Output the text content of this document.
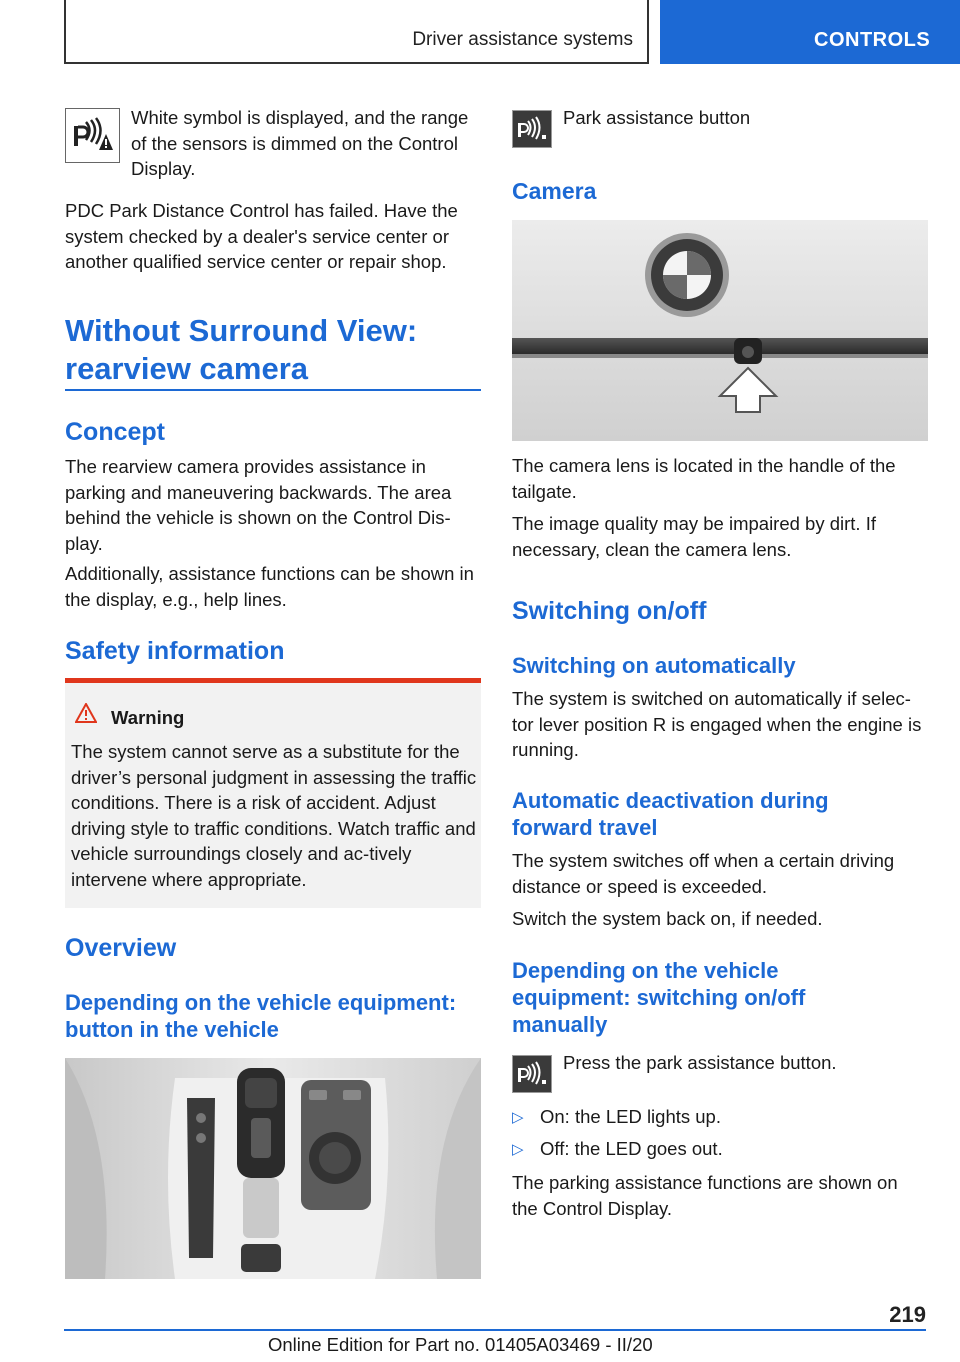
Driver assistance systems	CONTROLS

White symbol is displayed, and the range of the sensors is dimmed on the Control Display.

PDC Park Distance Control has failed. Have the system checked by a dealer's service center or another qualified service center or repair shop.

Without Surround View:
rearview camera
Concept

The rearview camera provides assistance in parking and maneuvering backwards. The area behind the vehicle is shown on the Control Dis-play.

Additionally, assistance functions can be shown in the display, e.g., help lines.

Safety information
Warning

The system cannot serve as a substitute for the driver’s personal judgment in assessing the traffic conditions. There is a risk of accident. Adjust driving style to traffic conditions. Watch traffic and vehicle surroundings closely and ac-tively intervene where appropriate.

Overview
Depending on the vehicle equipment: button in the vehicle

Park assistance button

Camera

The camera lens is located in the handle of the tailgate.

The image quality may be impaired by dirt. If necessary, clean the camera lens.

Switching on/off
Switching on automatically

The system is switched on automatically if selec-tor lever position R is engaged when the engine is running.

Automatic deactivation during forward travel

The system switches off when a certain driving distance or speed is exceeded.

Switch the system back on, if needed.

Depending on the vehicle equipment: switching on/off manually

Press the park assistance button.

▷ On: the LED lights up.
▷ Off: the LED goes out.

The parking assistance functions are shown on the Control Display.

219
Online Edition for Part no. 01405A03469 - II/20
